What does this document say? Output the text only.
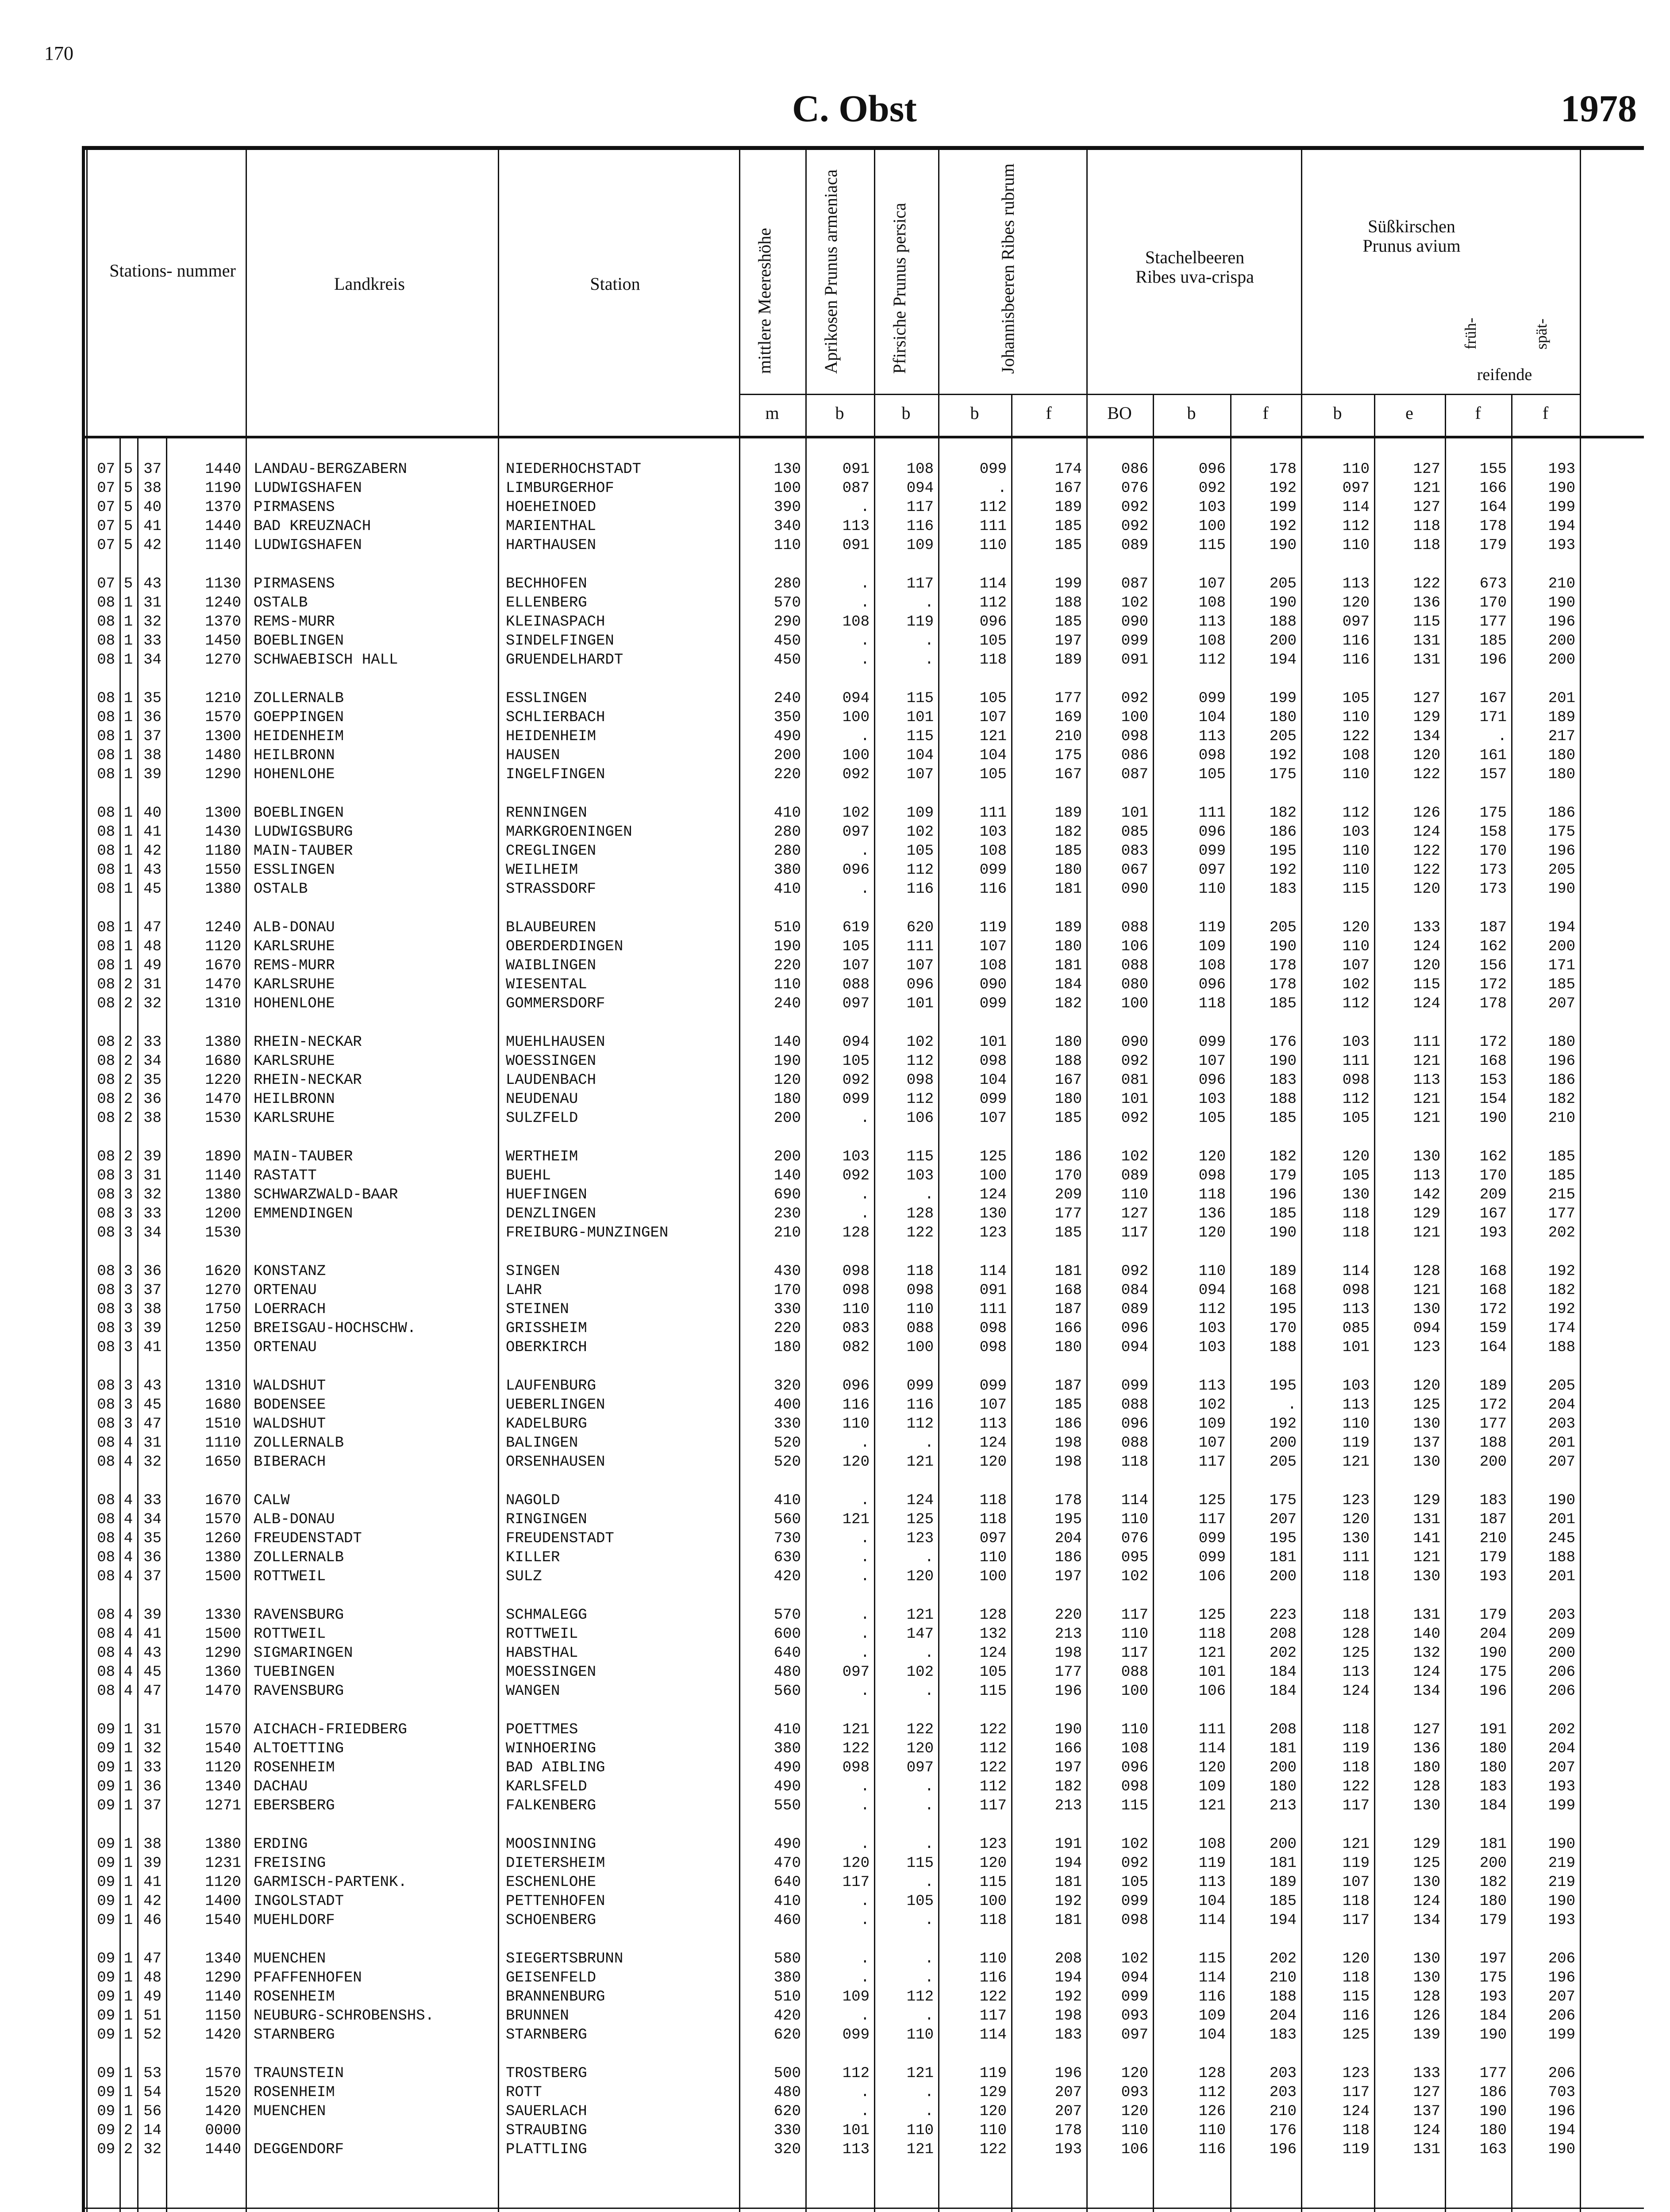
170
C. Obst	1978
Stations- nummer
Landkreis	Station	mittlere Meereshöhe	Aprikosen Prunus armeniaca	Pfirsiche Prunus persica	Johannisbeeren Ribes rubrum	Stachelbeeren Ribes uva-crispa
Süßkirschen Prunus avium
früh-	spät-
reifende
m	b	b	b	f	BO	b	f	b	e	f	f
	07	5	37	1440	LANDAU-BERGZABERN	NIEDERHOCHSTADT	130	091	108	099	174	086	096	178	110	127	155	193
	07	5	38	1190	LUDWIGSHAFEN	LIMBURGERHOF	100	087	094	.	167	076	092	192	097	121	166	190
	07	5	40	1370	PIRMASENS	HOEHEINOED	390	.	117	112	189	092	103	199	114	127	164	199
	07	5	41	1440	BAD KREUZNACH	MARIENTHAL	340	113	116	111	185	092	100	192	112	118	178	194
	07	5	42	1140	LUDWIGSHAFEN	HARTHAUSEN	110	091	109	110	185	089	115	190	110	118	179	193

	07	5	43	1130	PIRMASENS	BECHHOFEN	280	.	117	114	199	087	107	205	113	122	673	210
	08	1	31	1240	OSTALB	ELLENBERG	570	.	.	112	188	102	108	190	120	136	170	190
	08	1	32	1370	REMS-MURR	KLEINASPACH	290	108	119	096	185	090	113	188	097	115	177	196
	08	1	33	1450	BOEBLINGEN	SINDELFINGEN	450	.	.	105	197	099	108	200	116	131	185	200
	08	1	34	1270	SCHWAEBISCH HALL	GRUENDELHARDT	450	.	.	118	189	091	112	194	116	131	196	200

	08	1	35	1210	ZOLLERNALB	ESSLINGEN	240	094	115	105	177	092	099	199	105	127	167	201
	08	1	36	1570	GOEPPINGEN	SCHLIERBACH	350	100	101	107	169	100	104	180	110	129	171	189
	08	1	37	1300	HEIDENHEIM	HEIDENHEIM	490	.	115	121	210	098	113	205	122	134	.	217
	08	1	38	1480	HEILBRONN	HAUSEN	200	100	104	104	175	086	098	192	108	120	161	180
	08	1	39	1290	HOHENLOHE	INGELFINGEN	220	092	107	105	167	087	105	175	110	122	157	180

	08	1	40	1300	BOEBLINGEN	RENNINGEN	410	102	109	111	189	101	111	182	112	126	175	186
	08	1	41	1430	LUDWIGSBURG	MARKGROENINGEN	280	097	102	103	182	085	096	186	103	124	158	175
	08	1	42	1180	MAIN-TAUBER	CREGLINGEN	280	.	105	108	185	083	099	195	110	122	170	196
	08	1	43	1550	ESSLINGEN	WEILHEIM	380	096	112	099	180	067	097	192	110	122	173	205
	08	1	45	1380	OSTALB	STRASSDORF	410	.	116	116	181	090	110	183	115	120	173	190

	08	1	47	1240	ALB-DONAU	BLAUBEUREN	510	619	620	119	189	088	119	205	120	133	187	194
	08	1	48	1120	KARLSRUHE	OBERDERDINGEN	190	105	111	107	180	106	109	190	110	124	162	200
	08	1	49	1670	REMS-MURR	WAIBLINGEN	220	107	107	108	181	088	108	178	107	120	156	171
	08	2	31	1470	KARLSRUHE	WIESENTAL	110	088	096	090	184	080	096	178	102	115	172	185
	08	2	32	1310	HOHENLOHE	GOMMERSDORF	240	097	101	099	182	100	118	185	112	124	178	207

	08	2	33	1380	RHEIN-NECKAR	MUEHLHAUSEN	140	094	102	101	180	090	099	176	103	111	172	180
	08	2	34	1680	KARLSRUHE	WOESSINGEN	190	105	112	098	188	092	107	190	111	121	168	196
	08	2	35	1220	RHEIN-NECKAR	LAUDENBACH	120	092	098	104	167	081	096	183	098	113	153	186
	08	2	36	1470	HEILBRONN	NEUDENAU	180	099	112	099	180	101	103	188	112	121	154	182
	08	2	38	1530	KARLSRUHE	SULZFELD	200	.	106	107	185	092	105	185	105	121	190	210

	08	2	39	1890	MAIN-TAUBER	WERTHEIM	200	103	115	125	186	102	120	182	120	130	162	185
	08	3	31	1140	RASTATT	BUEHL	140	092	103	100	170	089	098	179	105	113	170	185
	08	3	32	1380	SCHWARZWALD-BAAR	HUEFINGEN	690	.	.	124	209	110	118	196	130	142	209	215
	08	3	33	1200	EMMENDINGEN	DENZLINGEN	230	.	128	130	177	127	136	185	118	129	167	177
	08	3	34	1530		FREIBURG-MUNZINGEN	210	128	122	123	185	117	120	190	118	121	193	202

	08	3	36	1620	KONSTANZ	SINGEN	430	098	118	114	181	092	110	189	114	128	168	192
	08	3	37	1270	ORTENAU	LAHR	170	098	098	091	168	084	094	168	098	121	168	182
	08	3	38	1750	LOERRACH	STEINEN	330	110	110	111	187	089	112	195	113	130	172	192
	08	3	39	1250	BREISGAU-HOCHSCHW.	GRISSHEIM	220	083	088	098	166	096	103	170	085	094	159	174
	08	3	41	1350	ORTENAU	OBERKIRCH	180	082	100	098	180	094	103	188	101	123	164	188

	08	3	43	1310	WALDSHUT	LAUFENBURG	320	096	099	099	187	099	113	195	103	120	189	205
	08	3	45	1680	BODENSEE	UEBERLINGEN	400	116	116	107	185	088	102	.	113	125	172	204
	08	3	47	1510	WALDSHUT	KADELBURG	330	110	112	113	186	096	109	192	110	130	177	203
	08	4	31	1110	ZOLLERNALB	BALINGEN	520	.	.	124	198	088	107	200	119	137	188	201
	08	4	32	1650	BIBERACH	ORSENHAUSEN	520	120	121	120	198	118	117	205	121	130	200	207

	08	4	33	1670	CALW	NAGOLD	410	.	124	118	178	114	125	175	123	129	183	190
	08	4	34	1570	ALB-DONAU	RINGINGEN	560	121	125	118	195	110	117	207	120	131	187	201
	08	4	35	1260	FREUDENSTADT	FREUDENSTADT	730	.	123	097	204	076	099	195	130	141	210	245
	08	4	36	1380	ZOLLERNALB	KILLER	630	.	.	110	186	095	099	181	111	121	179	188
	08	4	37	1500	ROTTWEIL	SULZ	420	.	120	100	197	102	106	200	118	130	193	201

	08	4	39	1330	RAVENSBURG	SCHMALEGG	570	.	121	128	220	117	125	223	118	131	179	203
	08	4	41	1500	ROTTWEIL	ROTTWEIL	600	.	147	132	213	110	118	208	128	140	204	209
	08	4	43	1290	SIGMARINGEN	HABSTHAL	640	.	.	124	198	117	121	202	125	132	190	200
	08	4	45	1360	TUEBINGEN	MOESSINGEN	480	097	102	105	177	088	101	184	113	124	175	206
	08	4	47	1470	RAVENSBURG	WANGEN	560	.	.	115	196	100	106	184	124	134	196	206

	09	1	31	1570	AICHACH-FRIEDBERG	POETTMES	410	121	122	122	190	110	111	208	118	127	191	202
	09	1	32	1540	ALTOETTING	WINHOERING	380	122	120	112	166	108	114	181	119	136	180	204
	09	1	33	1120	ROSENHEIM	BAD AIBLING	490	098	097	122	197	096	120	200	118	180	180	207
	09	1	36	1340	DACHAU	KARLSFELD	490	.	.	112	182	098	109	180	122	128	183	193
	09	1	37	1271	EBERSBERG	FALKENBERG	550	.	.	117	213	115	121	213	117	130	184	199

	09	1	38	1380	ERDING	MOOSINNING	490	.	.	123	191	102	108	200	121	129	181	190
	09	1	39	1231	FREISING	DIETERSHEIM	470	120	115	120	194	092	119	181	119	125	200	219
	09	1	41	1120	GARMISCH-PARTENK.	ESCHENLOHE	640	117	.	115	181	105	113	189	107	130	182	219
	09	1	42	1400	INGOLSTADT	PETTENHOFEN	410	.	105	100	192	099	104	185	118	124	180	190
	09	1	46	1540	MUEHLDORF	SCHOENBERG	460	.	.	118	181	098	114	194	117	134	179	193

	09	1	47	1340	MUENCHEN	SIEGERTSBRUNN	580	.	.	110	208	102	115	202	120	130	197	206
	09	1	48	1290	PFAFFENHOFEN	GEISENFELD	380	.	.	116	194	094	114	210	118	130	175	196
	09	1	49	1140	ROSENHEIM	BRANNENBURG	510	109	112	122	192	099	116	188	115	128	193	207
	09	1	51	1150	NEUBURG-SCHROBENSHS.	BRUNNEN	420	.	.	117	198	093	109	204	116	126	184	206
	09	1	52	1420	STARNBERG	STARNBERG	620	099	110	114	183	097	104	183	125	139	190	199

	09	1	53	1570	TRAUNSTEIN	TROSTBERG	500	112	121	119	196	120	128	203	123	133	177	206
	09	1	54	1520	ROSENHEIM	ROTT	480	.	.	129	207	093	112	203	117	127	186	703
	09	1	56	1420	MUENCHEN	SAUERLACH	620	.	.	120	207	120	126	210	124	137	190	196
	09	2	14	0000		STRAUBING	330	101	110	110	178	110	110	176	118	124	180	194
	09	2	32	1440	DEGGENDORF	PLATTLING	320	113	121	122	193	106	116	196	119	131	163	190
